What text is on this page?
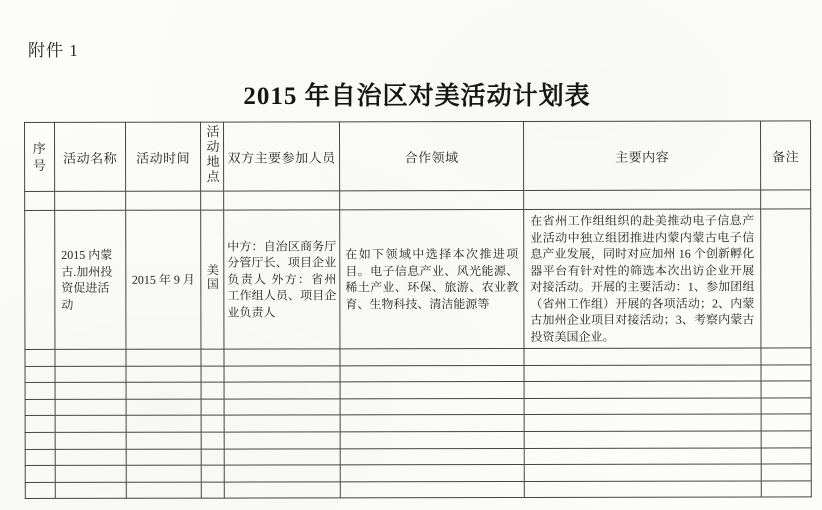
附件 1
2015 年自治区对美活动计划表
序号	活动名称	活动时间	活动地点	双方主要参加人员	合作领域	主要内容	备注

	2015 内蒙古.加州投资促进活动	2015 年 9 月	美国	中方：自治区商务厅分管厅长、项目企业负责人 外方：省州工作组人员、项目企业负责人	在如下领域中选择本次推进项目。电子信息产业、风光能源、稀土产业、环保、旅游、农业教育、生物科技、清洁能源等	在省州工作组组织的赴美推动电子信息产业活动中独立组团推进内蒙内蒙古电子信息产业发展，同时对应加州 16 个创新孵化器平台有针对性的筛选本次出访企业开展对接活动。开展的主要活动：1、参加团组（省州工作组）开展的各项活动；2、内蒙古加州企业项目对接活动；3、考察内蒙古投资美国企业。	
